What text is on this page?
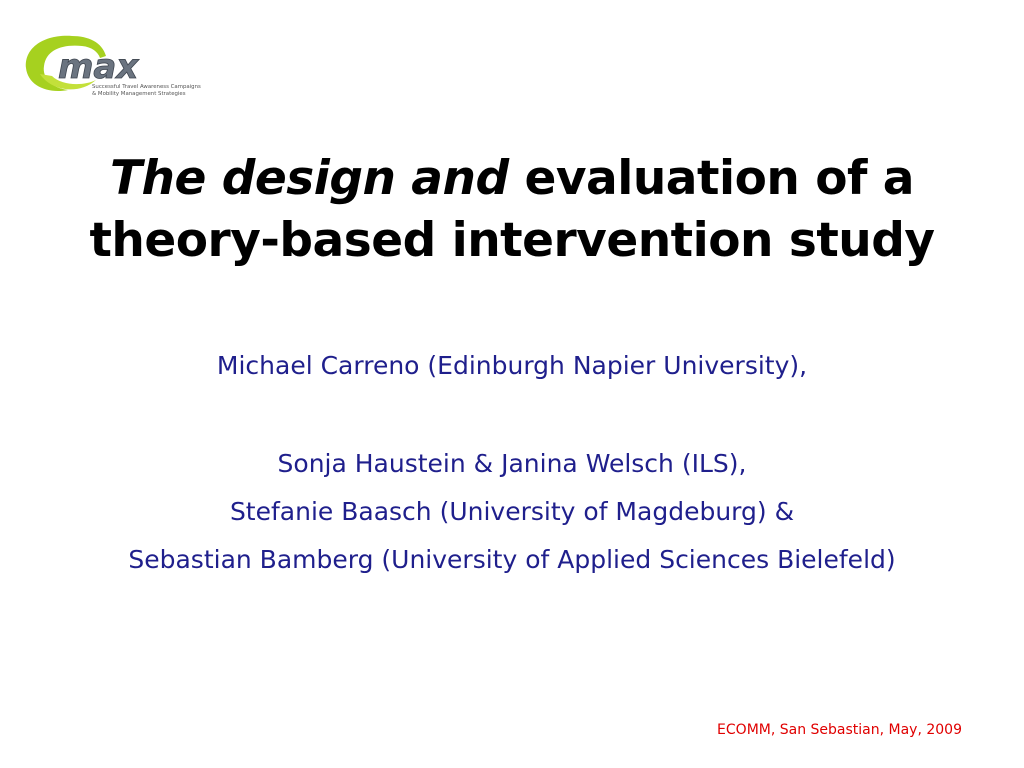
max
Successful Travel Awareness Campaigns
& Mobility Management Strategies
The design and evaluation of a
theory-based intervention study
Michael Carreno (Edinburgh Napier University),
Sonja Haustein & Janina Welsch (ILS),
Stefanie Baasch (University of Magdeburg) &
Sebastian Bamberg (University of Applied Sciences Bielefeld)
ECOMM, San Sebastian, May, 2009
